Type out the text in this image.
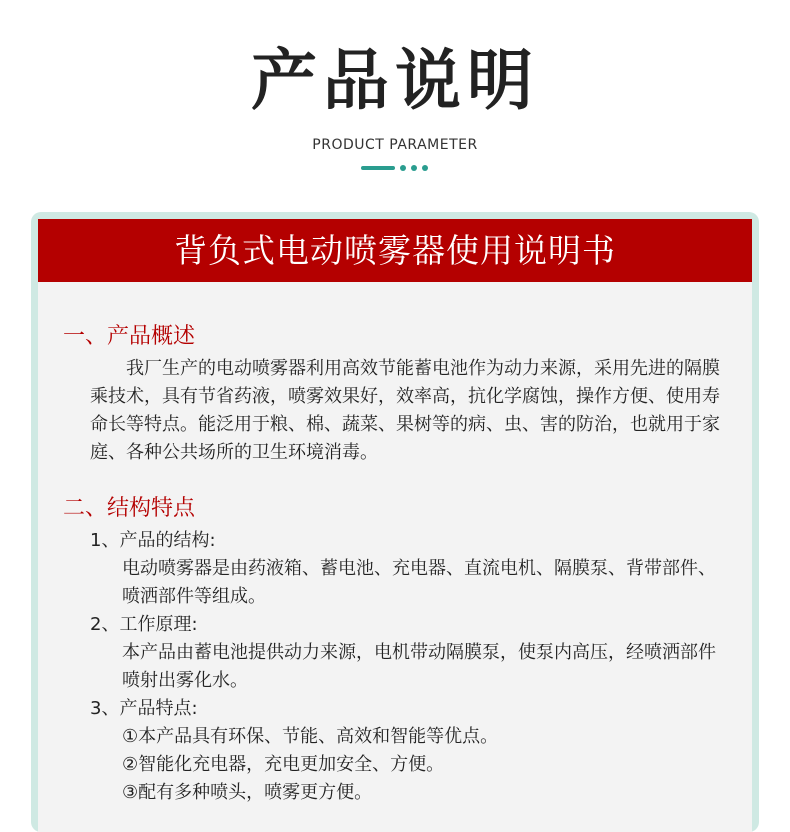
产品说明
PRODUCT PARAMETER
背负式电动喷雾器使用说明书
一、产品概述

我厂生产的电动喷雾器利用高效节能蓄电池作为动力来源，采用先进的隔膜乘技术，具有节省药液，喷雾效果好，效率高，抗化学腐蚀，操作方便、使用寿命长等特点。能泛用于粮、棉、蔬菜、果树等的病、虫、害的防治，也就用于家庭、各种公共场所的卫生环境消毒。

二、结构特点
1、产品的结构:

电动喷雾器是由药液箱、蓄电池、充电器、直流电机、隔膜泵、背带部件、喷洒部件等组成。

2、工作原理:

本产品由蓄电池提供动力来源，电机带动隔膜泵，使泵内高压，经喷洒部件喷射出雾化水。

3、产品特点:
①本产品具有环保、节能、高效和智能等优点。
②智能化充电器，充电更加安全、方便。
③配有多种喷头，喷雾更方便。
